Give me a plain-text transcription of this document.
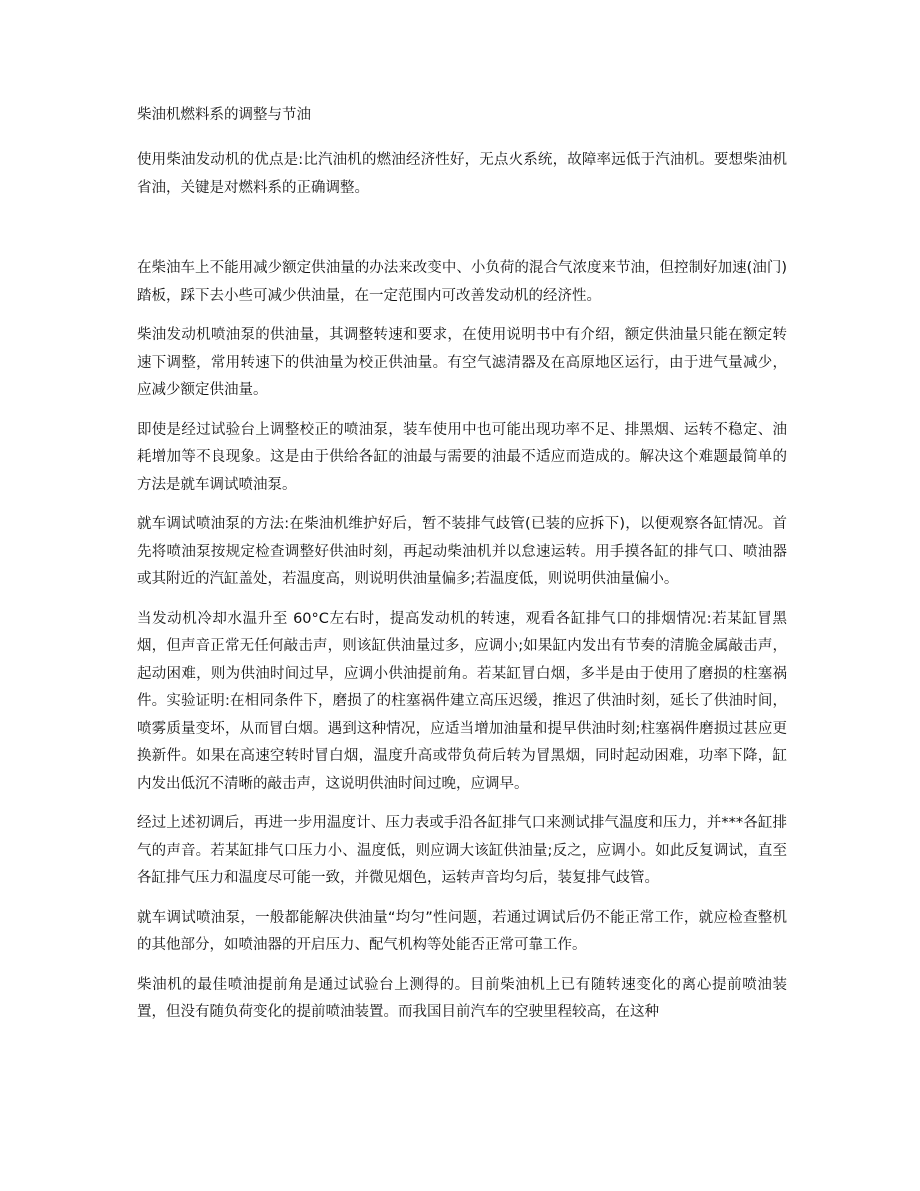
柴油机燃料系的调整与节油

使用柴油发动机的优点是:比汽油机的燃油经济性好，无点火系统，故障率远低于汽油机。要想柴油机省油，关键是对燃料系的正确调整。

在柴油车上不能用减少额定供油量的办法来改变中、小负荷的混合气浓度来节油，但控制好加速(油门)踏板，踩下去小些可减少供油量，在一定范围内可改善发动机的经济性。

柴油发动机喷油泵的供油量，其调整转速和要求，在使用说明书中有介绍，额定供油量只能在额定转速下调整，常用转速下的供油量为校正供油量。有空气滤清器及在高原地区运行，由于进气量减少，应减少额定供油量。

即使是经过试验台上调整校正的喷油泵，装车使用中也可能出现功率不足、排黑烟、运转不稳定、油耗增加等不良现象。这是由于供给各缸的油最与需要的油最不适应而造成的。解决这个难题最简单的方法是就车调试喷油泵。

就车调试喷油泵的方法:在柴油机维护好后，暂不装排气歧管(已装的应拆下)，以便观察各缸情况。首先将喷油泵按规定检查调整好供油时刻，再起动柴油机并以怠速运转。用手摸各缸的排气口、喷油器或其附近的汽缸盖处，若温度高，则说明供油量偏多;若温度低，则说明供油量偏小。

当发动机冷却水温升至 60°C左右时，提高发动机的转速，观看各缸排气口的排烟情况:若某缸冒黑烟，但声音正常无任何敲击声，则该缸供油量过多，应调小;如果缸内发出有节奏的清脆金属敲击声，起动困难，则为供油时间过早，应调小供油提前角。若某缸冒白烟，多半是由于使用了磨损的柱塞祸件。实验证明:在相同条件下，磨损了的柱塞祸件建立高压迟缓，推迟了供油时刻，延长了供油时间，喷雾质量变坏，从而冒白烟。遇到这种情况，应适当增加油量和提早供油时刻;柱塞祸件磨损过甚应更换新件。如果在高速空转时冒白烟，温度升高或带负荷后转为冒黑烟，同时起动困难，功率下降，缸内发出低沉不清晰的敲击声，这说明供油时间过晚，应调早。

经过上述初调后，再进一步用温度计、压力表或手沿各缸排气口来测试排气温度和压力，并***各缸排气的声音。若某缸排气口压力小、温度低，则应调大该缸供油量;反之，应调小。如此反复调试，直至各缸排气压力和温度尽可能一致，并微见烟色，运转声音均匀后，装复排气歧管。

就车调试喷油泵，一般都能解决供油量“均匀”性问题，若通过调试后仍不能正常工作，就应检查整机的其他部分，如喷油器的开启压力、配气机构等处能否正常可靠工作。

柴油机的最佳喷油提前角是通过试验台上测得的。目前柴油机上已有随转速变化的离心提前喷油装置，但没有随负荷变化的提前喷油装置。而我国目前汽车的空驶里程较高，在这种
